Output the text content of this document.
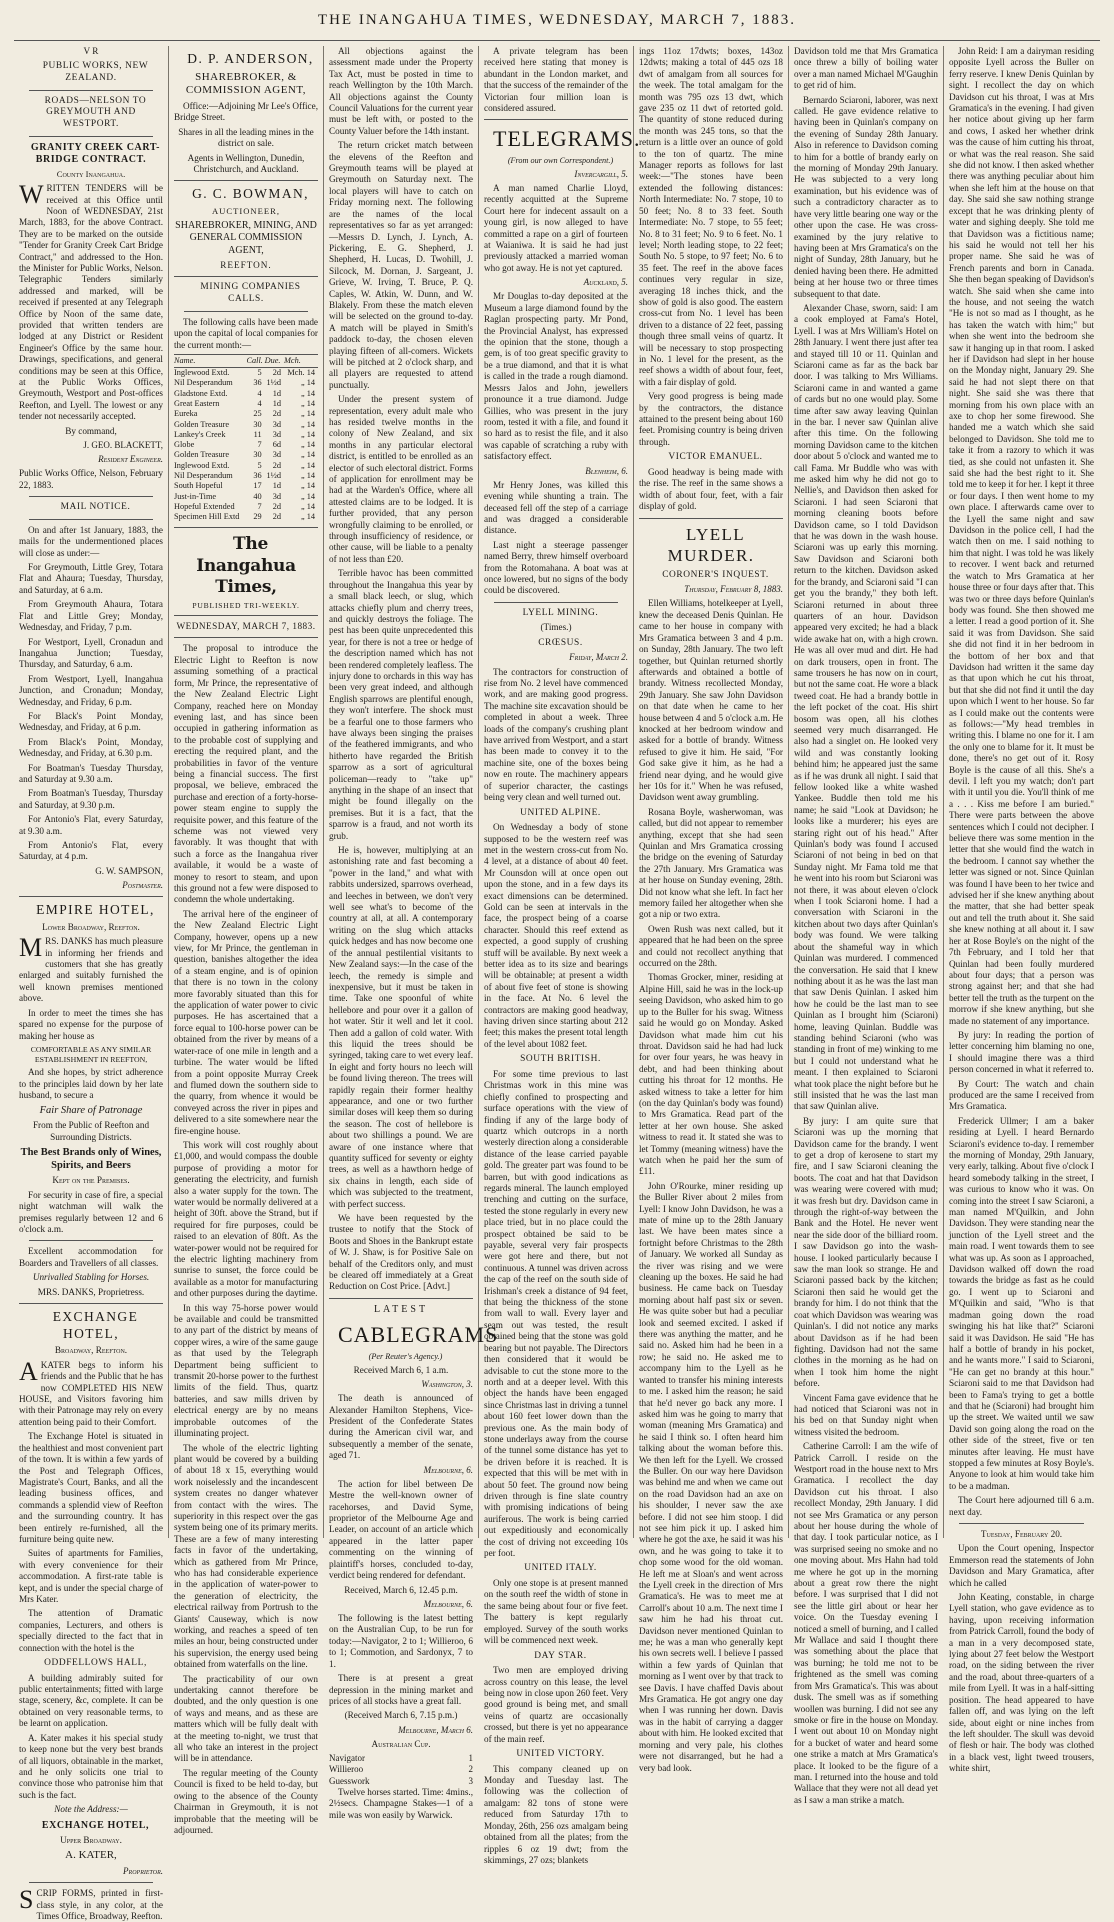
THE INANGAHUA TIMES, WEDNESDAY, MARCH 7, 1883.

V R

PUBLIC WORKS, NEW ZEALAND.

ROADS—NELSON TO GREYMOUTH AND WESTPORT.

GRANITY CREEK CART-BRIDGE CONTRACT.

County Inangahua.

WRITTEN TENDERS will be received at this Office until Noon of WEDNESDAY, 21st March, 1883, for the above Contract. They are to be marked on the outside "Tender for Granity Creek Cart Bridge Contract," and addressed to the Hon. the Minister for Public Works, Nelson. Telegraphic Tenders similarly addressed and marked, will be received if presented at any Telegraph Office by Noon of the same date, provided that written tenders are lodged at any District or Resident Engineer's Office by the same hour. Drawings, specifications, and general conditions may be seen at this Office, at the Public Works Offices, Greymouth, Westport and Post-offices Reefton, and Lyell. The lowest or any tender not necessarily accepted.

By command,

J. GEO. BLACKETT,

Resident Engineer.

Public Works Office, Nelson, February 22, 1883.

MAIL NOTICE.

On and after 1st January, 1883, the mails for the undermentioned places will close as under:—

For Greymouth, Little Grey, Totara Flat and Ahaura; Tuesday, Thursday, and Saturday, at 6 a.m.

From Greymouth Ahaura, Totara Flat and Little Grey; Monday, Wednesday, and Friday, 7 p.m.

For Westport, Lyell, Cronadun and Inangahua Junction; Tuesday, Thursday, and Saturday, 6 a.m.

From Westport, Lyell, Inangahua Junction, and Cronadun; Monday, Wednesday, and Friday, 6 p.m.

For Black's Point Monday, Wednesday, and Friday, at 6 p.m.

From Black's Point, Monday, Wednesday, and Friday, at 6.30 p.m.

For Boatman's Tuesday Thursday, and Saturday at 9.30 a.m.

From Boatman's Tuesday, Thursday and Saturday, at 9.30 p.m.

For Antonio's Flat, every Saturday, at 9.30 a.m.

From Antonio's Flat, every Saturday, at 4 p.m.

G. W. SAMPSON,

Postmaster.

EMPIRE HOTEL,

Lower Broadway, Reefton.

MRS. DANKS has much pleasure in informing her friends and customers that she has greatly enlarged and suitably furnished the well known premises mentioned above.

In order to meet the times she has spared no expense for the purpose of making her house as

COMFORTABLE AS ANY SIMILAR ESTABLISHMENT IN REEFTON,

And she hopes, by strict adherence to the principles laid down by her late husband, to secure a

Fair Share of Patronage

From the Public of Reefton and Surrounding Districts.

The Best Brands only of Wines, Spirits, and Beers

Kept on the Premises.

For security in case of fire, a special night watchman will walk the premises regularly between 12 and 6 o'clock a.m.

Excellent accommodation for Boarders and Travellers of all classes.

Unrivalled Stabling for Horses.

MRS. DANKS, Proprietress.

EXCHANGE HOTEL,

Broadway, Reefton.

AKATER begs to inform his friends and the Public that he has now COMPLETED HIS NEW HOUSE, and Visitors favoring him with their Patronage may rely on every attention being paid to their Comfort.

The Exchange Hotel is situated in the healthiest and most convenient part of the town. It is within a few yards of the Post and Telegraph Offices, Magistrate's Court, Banks, and all the leading business offices, and commands a splendid view of Reefton and the surrounding country. It has been entirely re-furnished, all the furniture being quite new.

Suites of apartments for Families, with every convenience for their accommodation. A first-rate table is kept, and is under the special charge of Mrs Kater.

The attention of Dramatic companies, Lecturers, and others is specially directed to the fact that in connection with the hotel is the

ODDFELLOWS HALL,

A building admirably suited for public entertainments; fitted with large stage, scenery, &c, complete. It can be obtained on very reasonable terms, to be learnt on application.

A. Kater makes it his special study to keep none but the very best brands of all liquors, obtainable in the market, and he only solicits one trial to convince those who patronise him that such is the fact.

Note the Address:—

EXCHANGE HOTEL,

Upper Broadway.

A. KATER,

Proprietor.

SCRIP FORMS, printed in first-class style, in any color, at the Times Office, Broadway, Reefton.

D. P. ANDERSON,

SHAREBROKER, & COMMISSION AGENT,

Office:—Adjoining Mr Lee's Office, Bridge Street.

Shares in all the leading mines in the district on sale.

Agents in Wellington, Dunedin, Christchurch, and Auckland.

G. C. BOWMAN,

AUCTIONEER,

SHAREBROKER, MINING, AND GENERAL COMMISSION AGENT,

REEFTON.

MINING COMPANIES CALLS.

The following calls have been made upon the capital of local companies for the current month:—

Name.	Call.	Due.	Mch.
Inglewood Extd.	5	2d	Mch. 14
Nil Desperandum	36	1½d	„ 14
Gladstone Extd.	4	1d	„ 14
Great Eastern	4	1d	„ 14
Eureka	25	2d	„ 14
Golden Treasure	30	3d	„ 14
Lankey's Creek	11	3d	„ 14
Globe	7	6d	„ 14
Golden Treasure	30	3d	„ 14
Inglewood Extd.	5	2d	„ 14
Nil Desperandum	36	1½d	„ 14
South Hopeful	17	1d	„ 14
Just-in-Time	40	3d	„ 14
Hopeful Extended	7	2d	„ 14
Specimen Hill Extd	29	2d	„ 14

The Inangahua Times,

PUBLISHED TRI-WEEKLY.

WEDNESDAY, MARCH 7, 1883.

The proposal to introduce the Electric Light to Reefton is now assuming something of a practical form, Mr Prince, the representative of the New Zealand Electric Light Company, reached here on Monday evening last, and has since been occupied in gathering information as to the probable cost of supplying and erecting the required plant, and the probabilities in favor of the venture being a financial success. The first proposal, we believe, embraced the purchase and erection of a forty-horse-power steam engine to supply the requisite power, and this feature of the scheme was not viewed very favorably. It was thought that with such a force as the Inangahua river available, it would be a waste of money to resort to steam, and upon this ground not a few were disposed to condemn the whole undertaking.

The arrival here of the engineer of the New Zealand Electric Light Company, however, opens up a new view, for Mr Prince, the gentleman in question, banishes altogether the idea of a steam engine, and is of opinion that there is no town in the colony more favorably situated than this for the application of water power to civic purposes. He has ascertained that a force equal to 100-horse power can be obtained from the river by means of a water-race of one mile in length and a turbine. The water would be lifted from a point opposite Murray Creek and flumed down the southern side to the quarry, from whence it would be conveyed across the river in pipes and delivered to a site somewhere near the fire-engine house.

This work will cost roughly about £1,000, and would compass the double purpose of providing a motor for generating the electricity, and furnish also a water supply for the town. The water would be normally delivered at a height of 30ft. above the Strand, but if required for fire purposes, could be raised to an elevation of 80ft. As the water-power would not be required for the electric lighting machinery from sunrise to sunset, the force could be available as a motor for manufacturing and other purposes during the daytime.

In this way 75-horse power would be available and could be transmitted to any part of the district by means of copper wires, a wire of the same gauge as that used by the Telegraph Department being sufficient to transmit 20-horse power to the furthest limits of the field. Thus, quartz batteries, and saw mills driven by electrical energy are by no means improbable outcomes of the illuminating project.

The whole of the electric lighting plant would be covered by a building of about 18 x 15, everything would work noiselessly and the incandescent system creates no danger whatever from contact with the wires. The superiority in this respect over the gas system being one of its primary merits. These are a few of many interesting facts in favor of the undertaking, which as gathered from Mr Prince, who has had considerable experience in the application of water-power to the generation of electricity, the electrical railway from Portrush to the Giants' Causeway, which is now working, and reaches a speed of ten miles an hour, being constructed under his supervision, the energy used being obtained from waterfalls on the line.

The practicability of our own undertaking cannot therefore be doubted, and the only question is one of ways and means, and as these are matters which will be fully dealt with at the meeting to-night, we trust that all who take an interest in the project will be in attendance.

The regular meeting of the County Council is fixed to be held to-day, but owing to the absence of the County Chairman in Greymouth, it is not improbable that the meeting will be adjourned.

All objections against the assessment made under the Property Tax Act, must be posted in time to reach Wellington by the 10th March. All objections against the County Council Valuations for the current year must be left with, or posted to the County Valuer before the 14th instant.

The return cricket match between the elevens of the Reefton and Greymouth teams will be played at Greymouth on Saturday next. The local players will have to catch on Friday morning next. The following are the names of the local representatives so far as yet arranged:—Messrs D. Lynch, J. Lynch, A. Pickering, E. G. Shepherd, J. Shepherd, H. Lucas, D. Twohill, J. Silcock, M. Dornan, J. Sargeant, J. Grieve, W. Irving, T. Bruce, P. Q. Caples, W. Atkin, W. Dunn, and W. Blakely. From these the match eleven will be selected on the ground to-day. A match will be played in Smith's paddock to-day, the chosen eleven playing fifteen of all-comers. Wickets will be pitched at 2 o'clock sharp, and all players are requested to attend punctually.

Under the present system of representation, every adult male who has resided twelve months in the colony of New Zealand, and six months in any particular electoral district, is entitled to be enrolled as an elector of such electoral district. Forms of application for enrollment may be had at the Warden's Office, where all attested claims are to be lodged. It is further provided, that any person wrongfully claiming to be enrolled, or through insufficiency of residence, or other cause, will be liable to a penalty of not less than £20.

Terrible havoc has been committed throughout the Inangahua this year by a small black leech, or slug, which attacks chiefly plum and cherry trees, and quickly destroys the foliage. The pest has been quite unprecedented this year, for there is not a tree or hedge of the description named which has not been rendered completely leafless. The injury done to orchards in this way has been very great indeed, and although English sparrows are plentiful enough, they won't interfere. The shock must be a fearful one to those farmers who have always been singing the praises of the feathered immigrants, and who hitherto have regarded the British sparrow as a sort of agricultural policeman—ready to "take up" anything in the shape of an insect that might be found illegally on the premises. But it is a fact, that the sparrow is a fraud, and not worth its grub.

He is, however, multiplying at an astonishing rate and fast becoming a "power in the land," and what with rabbits undersized, sparrows overhead, and leeches in between, we don't very well see what's to become of the country at all, at all. A contemporary writing on the slug which attacks quick hedges and has now become one of the annual pestilential visitants to New Zealand says:—In the case of the leech, the remedy is simple and inexpensive, but it must be taken in time. Take one spoonful of white hellebore and pour over it a gallon of hot water. Stir it well and let it cool. Then add a gallon of cold water. With this liquid the trees should be syringed, taking care to wet every leaf. In eight and forty hours no leech will be found living thereon. The trees will rapidly regain their former healthy appearance, and one or two further similar doses will keep them so during the season. The cost of hellebore is about two shillings a pound. We are aware of one instance where that quantity sufficed for seventy or eighty trees, as well as a hawthorn hedge of six chains in length, each side of which was subjected to the treatment, with perfect success.

We have been requested by the trustee to notify that the Stock of Boots and Shoes in the Bankrupt estate of W. J. Shaw, is for Positive Sale on behalf of the Creditors only, and must be cleared off immediately at a Great Reduction on Cost Price. [Advt.]

LATEST

CABLEGRAMS

(Per Reuter's Agency.)

Received March 6, 1 a.m.

Washington, 3.

The death is announced of Alexander Hamilton Stephens, Vice-President of the Confederate States during the American civil war, and subsequently a member of the senate, aged 71.

Melbourne, 6.

The action for libel between De Mestre the well-known owner of racehorses, and David Syme, proprietor of the Melbourne Age and Leader, on account of an article which appeared in the latter paper commenting on the winning of plaintiff's horses, concluded to-day, verdict being rendered for defendant.

Received, March 6, 12.45 p.m.

Melbourne, 6.

The following is the latest betting on the Australian Cup, to be run for today:—Navigator, 2 to 1; Willieroo, 6 to 1; Commotion, and Sardonyx, 7 to 1.

There is at present a great depression in the mining market and prices of all stocks have a great fall.

(Received March 6, 7.15 p.m.)

Melbourne, March 6.

Australian Cup.

Navigator	1
Willieroo	2
Guesswork	3

Twelve horses started. Time: 4mins., 2½secs. Champagne Stakes—1 of a mile was won easily by Warwick.

A private telegram has been received here stating that money is abundant in the London market, and that the success of the remainder of the Victorian four million loan is considered assured.

TELEGRAMS.

(From our own Correspondent.)

Invercargill, 5.

A man named Charlie Lloyd, recently acquitted at the Supreme Court here for indecent assault on a young girl, is now alleged to have committed a rape on a girl of fourteen at Waianiwa. It is said he had just previously attacked a married woman who got away. He is not yet captured.

Auckland, 5.

Mr Douglas to-day deposited at the Museum a large diamond found by the Raglan prospecting party. Mr Pond, the Provincial Analyst, has expressed the opinion that the stone, though a gem, is of too great specific gravity to be a true diamond, and that it is what is called in the trade a rough diamond. Messrs Jalos and John, jewellers pronounce it a true diamond. Judge Gillies, who was present in the jury room, tested it with a file, and found it so hard as to resist the file, and it also was capable of scratching a ruby with satisfactory effect.

Blenheim, 6.

Mr Henry Jones, was killed this evening while shunting a train. The deceased fell off the step of a carriage and was dragged a considerable distance.

Last night a steerage passenger named Berry, threw himself overboard from the Rotomahana. A boat was at once lowered, but no signs of the body could be discovered.

LYELL MINING.

(Times.)

CRŒSUS.

Friday, March 2.

The contractors for construction of rise from No. 2 level have commenced work, and are making good progress. The machine site excavation should be completed in about a week. Three loads of the company's crushing plant have arrived from Westport, and a start has been made to convey it to the machine site, one of the boxes being now en route. The machinery appears of superior character, the castings being very clean and well turned out.

UNITED ALPINE.

On Wednesday a body of stone supposed to be the western reef was met in the western cross-cut from No. 4 level, at a distance of about 40 feet. Mr Counsdon will at once open out upon the stone, and in a few days its exact dimensions can be determined. Gold can be seen at intervals in the face, the prospect being of a coarse character. Should this reef extend as expected, a good supply of crushing stuff will be available. By next week a better idea as to its size and bearings will be obtainable; at present a width of about five feet of stone is showing in the face. At No. 6 level the contractors are making good headway, having driven since starting about 212 feet; this makes the present total length of the level about 1082 feet.

SOUTH BRITISH.

For some time previous to last Christmas work in this mine was chiefly confined to prospecting and surface operations with the view of finding if any of the large body of quartz which outcrops in a north westerly direction along a considerable distance of the lease carried payable gold. The greater part was found to be barren, but with good indications as regards mineral. The launch employed trenching and cutting on the surface, tested the stone regularly in every new place tried, but in no place could the prospect obtained be said to be payable, several very fair prospects were got here and there, but not continuous. A tunnel was driven across the cap of the reef on the south side of Irishman's creek a distance of 94 feet, that being the thickness of the stone from wall to wall. Every layer and seam out was tested, the result obtained being that the stone was gold bearing but not payable. The Directors then considered that it would be advisable to cut the stone more to the north and at a deeper level. With this object the hands have been engaged since Christmas last in driving a tunnel about 160 feet lower down than the previous one. As the main body of stone underlays away from the course of the tunnel some distance has yet to be driven before it is reached. It is expected that this will be met with in about 50 feet. The ground now being driven through is fine slate country with promising indications of being auriferous. The work is being carried out expeditiously and economically the cost of driving not exceeding 10s per foot.

UNITED ITALY.

Only one stope is at present manned on the south reef the width of stone in the same being about four or five feet. The battery is kept regularly employed. Survey of the south works will be commenced next week.

DAY STAR.

Two men are employed driving across country on this lease, the level being now in close upon 260 feet. Very good ground is being met, and small veins of quartz are occasionally crossed, but there is yet no appearance of the main reef.

UNITED VICTORY.

This company cleaned up on Monday and Tuesday last. The following was the collection of amalgam: 82 tons of stone were reduced from Saturday 17th to Monday, 26th, 256 ozs amalgam being obtained from all the plates; from the ripples 6 oz 19 dwt; from the skimmings, 27 ozs; blankets

ings 11oz 17dwts; boxes, 143oz 12dwts; making a total of 445 ozs 18 dwt of amalgam from all sources for the week. The total amalgam for the month was 795 ozs 13 dwt, which gave 235 oz 11 dwt of retorted gold. The quantity of stone reduced during the month was 245 tons, so that the return is a little over an ounce of gold to the ton of quartz. The mine Manager reports as follows for last week:—"The stones have been extended the following distances: North Intermediate: No. 7 stope, 10 to 50 feet; No. 8 to 33 feet. South Intermediate: No. 7 stope, to 55 feet; No. 8 to 31 feet; No. 9 to 6 feet. No. 1 level; North leading stope, to 22 feet; South No. 5 stope, to 97 feet; No. 6 to 35 feet. The reef in the above faces continues very regular in size, averaging 18 inches thick, and the show of gold is also good. The eastern cross-cut from No. 1 level has been driven to a distance of 22 feet, passing though three small veins of quartz. It will be necessary to stop prospecting in No. 1 level for the present, as the reef shows a width of about four, feet, with a fair display of gold.

Very good progress is being made by the contractors, the distance attained to the present being about 160 feet. Promising country is being driven through.

VICTOR EMANUEL.

Good headway is being made with the rise. The reef in the same shows a width of about four, feet, with a fair display of gold.

LYELL MURDER.

CORONER'S INQUEST.

Thursday, February 8, 1883.

Ellen Williams, hotelkeeper at Lyell, knew the deceased Denis Quinlan. He came to her house in company with Mrs Gramatica between 3 and 4 p.m. on Sunday, 28th January. The two left together, but Quinlan returned shortly afterwards and obtained a bottle of brandy. Witness recollected Monday, 29th January. She saw John Davidson on that date when he came to her house between 4 and 5 o'clock a.m. He knocked at her bedroom window and asked for a bottle of brandy. Witness refused to give it him. He said, "For God sake give it him, as he had a friend near dying, and he would give her 10s for it." When he was refused, Davidson went away grumbling.

Rosana Boyle, washerwoman, was called, but did not appear to remember anything, except that she had seen Quinlan and Mrs Gramatica crossing the bridge on the evening of Saturday the 27th January. Mrs Gramatica was at her house on Sunday evening, 28th. Did not know what she left. In fact her memory failed her altogether when she got a nip or two extra.

Owen Rush was next called, but it appeared that he had been on the spree and could not recollect anything that occurred on the 28th.

Thomas Grocker, miner, residing at Alpine Hill, said he was in the lock-up seeing Davidson, who asked him to go up to the Buller for his swag. Witness said he would go on Monday. Asked Davidson what made him cut his throat. Davidson said he had had luck for over four years, he was heavy in debt, and had been thinking about cutting his throat for 12 months. He asked witness to take a letter for him (on the day Quinlan's body was found) to Mrs Gramatica. Read part of the letter at her own house. She asked witness to read it. It stated she was to let Tommy (meaning witness) have the watch when he paid her the sum of £11.

John O'Rourke, miner residing up the Buller River about 2 miles from Lyell: I know John Davidson, he was a mate of mine up to the 28th January last. We have been mates since a fortnight before Christmas to the 28th of January. We worked all Sunday as the river was rising and we were cleaning up the boxes. He said he had business. He came back on Tuesday morning about half past six or seven. He was quite sober but had a peculiar look and seemed excited. I asked if there was anything the matter, and he said no. Asked him had he been in a row; he said no. He asked me to accompany him to the Lyell as he wanted to transfer his mining interests to me. I asked him the reason; he said that he'd never go back any more. I asked him was he going to marry that woman (meaning Mrs Gramatica) and he said I think so. I often heard him talking about the woman before this. We then left for the Lyell. We crossed the Buller. On our way here Davidson was behind me and when we came out on the road Davidson had an axe on his shoulder, I never saw the axe before. I did not see him stoop. I did not see him pick it up. I asked him where he got the axe, he said it was his own, and he was going to take it to chop some wood for the old woman. He left me at Sloan's and went across the Lyell creek in the direction of Mrs Gramatica's. He was to meet me at Carroll's about 10 a.m. The next time I saw him he had his throat cut. Davidson never mentioned Quinlan to me; he was a man who generally kept his own secrets well. I believe I passed within a few yards of Quinlan that morning as I went over by that track to see Davis. I have chaffed Davis about Mrs Gramatica. He got angry one day when I was running her down. Davis was in the habit of carrying a dagger about with him. He looked excited that morning and very pale, his clothes were not disarranged, but he had a very bad look.

Davidson told me that Mrs Gramatica once threw a billy of boiling water over a man named Michael M'Gaughin to get rid of him.

Bernardo Sciaroni, laborer, was next called. He gave evidence relative to having been in Quinlan's company on the evening of Sunday 28th January. Also in reference to Davidson coming to him for a bottle of brandy early on the morning of Monday 29th January. He was subjected to a very long examination, but his evidence was of such a contradictory character as to have very little bearing one way or the other upon the case. He was cross-examined by the jury relative to having been at Mrs Gramatica's on the night of Sunday, 28th January, but he denied having been there. He admitted being at her house two or three times subsequent to that date.

Alexander Chase, sworn, said: I am a cook employed at Fama's Hotel, Lyell. I was at Mrs William's Hotel on 28th January. I went there just after tea and stayed till 10 or 11. Quinlan and Sciaroni came as far as the back bar door. I was talking to Mrs Williams. Sciaroni came in and wanted a game of cards but no one would play. Some time after saw away leaving Quinlan in the bar. I never saw Quinlan alive after this time. On the following morning Davidson came to the kitchen door about 5 o'clock and wanted me to call Fama. Mr Buddle who was with me asked him why he did not go to Nellie's, and Davidson then asked for Sciaroni. I had seen Sciaroni that morning cleaning boots before Davidson came, so I told Davidson that he was down in the wash house. Sciaroni was up early this morning. Saw Davidson and Sciaroni both return to the kitchen. Davidson asked for the brandy, and Sciaroni said "I can get you the brandy," they both left. Sciaroni returned in about three quarters of an hour. Davidson appeared very excited; he had a black wide awake hat on, with a high crown. He was all over mud and dirt. He had on dark trousers, open in front. The same trousers he has now on in court, but not the same coat. He wore a black tweed coat. He had a brandy bottle in the left pocket of the coat. His shirt bosom was open, all his clothes seemed very much disarranged. He also had a singlet on. He looked very wild and was constantly looking behind him; he appeared just the same as if he was drunk all night. I said that fellow looked like a white washed Yankee. Buddle then told me his name; he said "Look at Davidson; he looks like a murderer; his eyes are staring right out of his head." After Quinlan's body was found I accused Sciaroni of not being in bed on that Sunday night. Mr Fama told me that he went into his room but Sciaroni was not there, it was about eleven o'clock when I took Sciaroni home. I had a conversation with Sciaroni in the kitchen about two days after Quinlan's body was found. We were talking about the shameful way in which Quinlan was murdered. I commenced the conversation. He said that I knew nothing about it as he was the last man that saw Denis Quinlan. I asked him how he could be the last man to see Quinlan as I brought him (Sciaroni) home, leaving Quinlan. Buddle was standing behind Sciaroni (who was standing in front of me) winking to me but I could not understand what he meant. I then explained to Sciaroni what took place the night before but he still insisted that he was the last man that saw Quinlan alive.

By jury: I am quite sure that Sciaroni was up the morning that Davidson came for the brandy. I went to get a drop of kerosene to start my fire, and I saw Sciaroni cleaning the boots. The coat and hat that Davidson was wearing were covered with mud; it was fresh but dry. Davidson came in through the right-of-way between the Bank and the Hotel. He never went near the side door of the billiard room. I saw Davidson go into the wash-house. I looked particularly because I saw the man look so strange. He and Sciaroni passed back by the kitchen; Sciaroni then said he would get the brandy for him. I do not think that the coat which Davidson was wearing was Quinlan's. I did not notice any marks about Davidson as if he had been fighting. Davidson had not the same clothes in the morning as he had on when I took him home the night before.

Vincent Fama gave evidence that he had noticed that Sciaroni was not in his bed on that Sunday night when witness visited the bedroom.

Catherine Carroll: I am the wife of Patrick Carroll. I reside on the Westport road in the house next to Mrs Gramatica. I recollect the day Davidson cut his throat. I also recollect Monday, 29th January. I did not see Mrs Gramatica or any person about her house during the whole of that day. I took particular notice, as I was surprised seeing no smoke and no one moving about. Mrs Hahn had told me where he got up in the morning about a great row there the night before. I was surprised that I did not see the little girl about or hear her voice. On the Tuesday evening I noticed a smell of burning, and I called Mr Wallace and said I thought there was something about the place that was burning; he told me not to be frightened as the smell was coming from Mrs Gramatica's. This was about dusk. The smell was as if something woollen was burning. I did not see any smoke or fire in the house on Monday. I went out about 10 on Monday night for a bucket of water and heard some one strike a match at Mrs Gramatica's place. It looked to be the figure of a man. I returned into the house and told Wallace that they were not all dead yet as I saw a man strike a match.

John Reid: I am a dairyman residing opposite Lyell across the Buller on ferry reserve. I knew Denis Quinlan by sight. I recollect the day on which Davidson cut his throat, I was at Mrs Gramatica's in the evening. I had given her notice about giving up her farm and cows, I asked her whether drink was the cause of him cutting his throat, or what was the real reason. She said she did not know. I then asked whether there was anything peculiar about him when she left him at the house on that day. She said she saw nothing strange except that he was drinking plenty of water and sighing deeply. She told me that Davidson was a fictitious name; his said he would not tell her his proper name. She said he was of French parents and born in Canada. She then began speaking of Davidson's watch. She said when she came into the house, and not seeing the watch "He is not so mad as I thought, as he has taken the watch with him;" but when she went into the bedroom she saw it hanging up in that room. I asked her if Davidson had slept in her house on the Monday night, January 29. She said he had not slept there on that night. She said she was there that morning from his own place with an axe to chop her some firewood. She handed me a watch which she said belonged to Davidson. She told me to take it from a razory to which it was tied, as she could not unfasten it. She said she had the best right to it. She told me to keep it for her. I kept it three or four days. I then went home to my own place. I afterwards came over to the Lyell the same night and saw Davidson in the police cell, I had the watch then on me. I said nothing to him that night. I was told he was likely to recover. I went back and returned the watch to Mrs Gramatica at her house three or four days after that. This was two or three days before Quinlan's body was found. She then showed me a letter. I read a good portion of it. She said it was from Davidson. She said she did not find it in her bedroom in the bottom of her box and that Davidson had written it the same day as that upon which he cut his throat, but that she did not find it until the day upon which I went to her house. So far as I could make out the contents were as follows:—"My head trembles in writing this. I blame no one for it. I am the only one to blame for it. It must be done, there's no get out of it. Rosy Boyle is the cause of all this. She's a devil. I left you my watch; don't part with it until you die. You'll think of me a . . . Kiss me before I am buried." There were parts between the above sentences which I could not decipher. I believe there was some mention in the letter that she would find the watch in the bedroom. I cannot say whether the letter was signed or not. Since Quinlan was found I have been to her twice and advised her if she knew anything about the matter, that she had better speak out and tell the truth about it. She said she knew nothing at all about it. I saw her at Rose Boyle's on the night of the 7th February, and I told her that Quinlan had been foully murdered about four days; that a person was strong against her; and that she had better tell the truth as the turpent on the morrow if she knew anything, but she made no statement of any importance.

By jury: In reading the portion of letter concerning him blaming no one, I should imagine there was a third person concerned in what it referred to.

By Court: The watch and chain produced are the same I received from Mrs Gramatica.

Frederick Ullmer; I am a baker residing at Lyell. I heard Bernardo Sciaroni's evidence to-day. I remember the morning of Monday, 29th January, very early, talking. About five o'clock I heard somebody talking in the street, I was curious to know who it was. On coming into the street I saw Sciaroni, a man named M'Quilkin, and John Davidson. They were standing near the junction of the Lyell street and the main road. I went towards them to see what was up. As soon as I approached, Davidson walked off down the road towards the bridge as fast as he could go. I went up to Sciaroni and M'Quilkin and said, "Who is that madman going down the road swinging his hat like that?" Sciaroni said it was Davidson. He said "He has half a bottle of brandy in his pocket, and he wants more." I said to Sciaroni, "He can get no brandy at this hour." Sciaroni said to me that Davidson had been to Fama's trying to get a bottle and that he (Sciaroni) had brought him up the street. We waited until we saw David son going along the road on the other side of the street, five or ten minutes after leaving. He must have stopped a few minutes at Rosy Boyle's. Anyone to look at him would take him to be a madman.

The Court here adjourned till 6 a.m. next day.

Tuesday, February 20.

Upon the Court opening, Inspector Emmerson read the statements of John Davidson and Mary Gramatica, after which he called

John Keating, constable, in charge Lyell station, who gave evidence as to having, upon receiving information from Patrick Carroll, found the body of a man in a very decomposed state, lying about 27 feet below the Westport road, on the siding between the river and the road, about three-quarters of a mile from Lyell. It was in a half-sitting position. The head appeared to have fallen off, and was lying on the left side, about eight or nine inches from the left shoulder. The skull was devoid of flesh or hair. The body was clothed in a black vest, light tweed trousers, white shirt,
